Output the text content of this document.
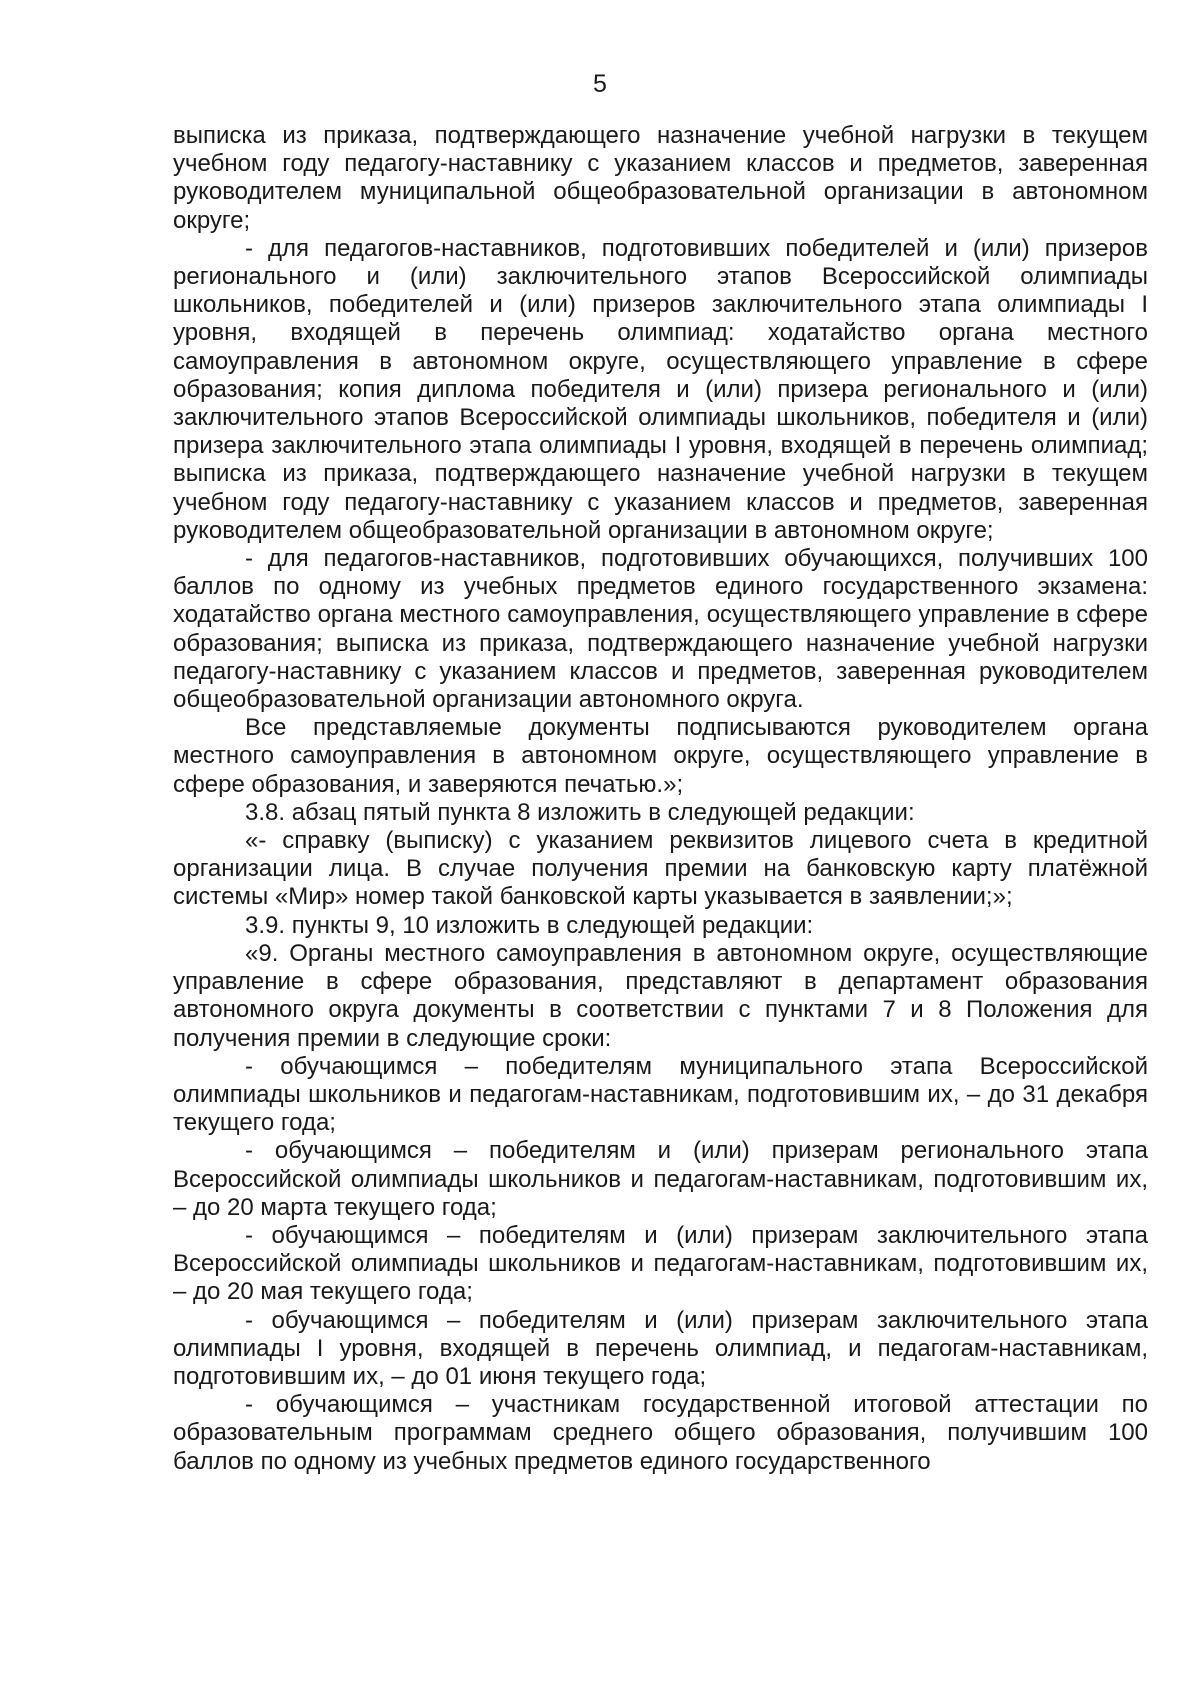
5

выписка из приказа, подтверждающего назначение учебной нагрузки в текущем учебном году педагогу-наставнику с указанием классов и предметов, заверенная руководителем муниципальной общеобразовательной организации в автономном округе;

- для педагогов-наставников, подготовивших победителей и (или) призеров регионального и (или) заключительного этапов Всероссийской олимпиады школьников, победителей и (или) призеров заключительного этапа олимпиады I уровня, входящей в перечень олимпиад: ходатайство органа местного самоуправления в автономном округе, осуществляющего управление в сфере образования; копия диплома победителя и (или) призера регионального и (или) заключительного этапов Всероссийской олимпиады школьников, победителя и (или) призера заключительного этапа олимпиады I уровня, входящей в перечень олимпиад; выписка из приказа, подтверждающего назначение учебной нагрузки в текущем учебном году педагогу-наставнику с указанием классов и предметов, заверенная руководителем общеобразовательной организации в автономном округе;

- для педагогов-наставников, подготовивших обучающихся, получивших 100 баллов по одному из учебных предметов единого государственного экзамена: ходатайство органа местного самоуправления, осуществляющего управление в сфере образования; выписка из приказа, подтверждающего назначение учебной нагрузки педагогу-наставнику с указанием классов и предметов, заверенная руководителем общеобразовательной организации автономного округа.

Все представляемые документы подписываются руководителем органа местного самоуправления в автономном округе, осуществляющего управление в сфере образования, и заверяются печатью.»;

3.8. абзац пятый пункта 8 изложить в следующей редакции:

«- справку (выписку) с указанием реквизитов лицевого счета в кредитной организации лица. В случае получения премии на банковскую карту платёжной системы «Мир» номер такой банковской карты указывается в заявлении;»;

3.9. пункты 9, 10 изложить в следующей редакции:

«9. Органы местного самоуправления в автономном округе, осуществляющие управление в сфере образования, представляют в департамент образования автономного округа документы в соответствии с пунктами 7 и 8 Положения для получения премии в следующие сроки:

- обучающимся – победителям муниципального этапа Всероссийской олимпиады школьников и педагогам-наставникам, подготовившим их, – до 31 декабря текущего года;

- обучающимся – победителям и (или) призерам регионального этапа Всероссийской олимпиады школьников и педагогам-наставникам, подготовившим их, – до 20 марта текущего года;

- обучающимся – победителям и (или) призерам заключительного этапа Всероссийской олимпиады школьников и педагогам-наставникам, подготовившим их, – до 20 мая текущего года;

- обучающимся – победителям и (или) призерам заключительного этапа олимпиады I уровня, входящей в перечень олимпиад, и педагогам-наставникам, подготовившим их, – до 01 июня текущего года;

- обучающимся – участникам государственной итоговой аттестации по образовательным программам среднего общего образования, получившим 100 баллов по одному из учебных предметов единого государственного
